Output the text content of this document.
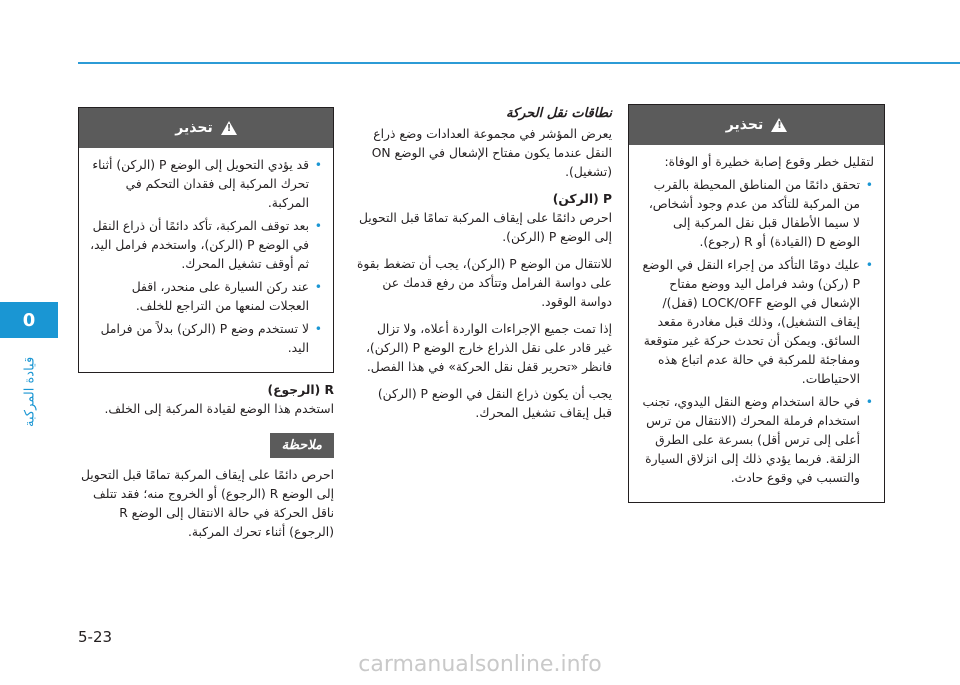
0
قيادة المركبة
!
تحذير
لتقليل خطر وقوع إصابة خطيرة أو الوفاة:
• تحقق دائمًا من المناطق المحيطة بالقرب من المركبة للتأكد من عدم وجود أشخاص، لا سيما الأطفال قبل نقل المركبة إلى الوضع D (القيادة) أو R (رجوع).
• عليك دومًا التأكد من إجراء النقل في الوضع P (ركن) وشد فرامل اليد ووضع مفتاح الإشعال في الوضع LOCK/OFF (قفل)/ إيقاف التشغيل)، وذلك قبل مغادرة مقعد السائق. ويمكن أن تحدث حركة غير متوقعة ومفاجئة للمركبة في حالة عدم اتباع هذه الاحتياطات.
• في حالة استخدام وضع النقل اليدوي، تجنب استخدام فرملة المحرك (الانتقال من ترس أعلى إلى ترس أقل) بسرعة على الطرق الزلقة. فربما يؤدي ذلك إلى انزلاق السيارة والتسبب في وقوع حادث.
نطاقات نقل الحركة

يعرض المؤشر في مجموعة العدادات وضع ذراع النقل عندما يكون مفتاح الإشعال في الوضع ON (تشغيل).

P (الركن)

احرص دائمًا على إيقاف المركبة تمامًا قبل التحويل إلى الوضع P (الركن).

للانتقال من الوضع P (الركن)، يجب أن تضغط بقوة على دواسة الفرامل وتتأكد من رفع قدمك عن دواسة الوقود.

إذا تمت جميع الإجراءات الواردة أعلاه، ولا تزال غير قادر على نقل الذراع خارج الوضع P (الركن)، فانظر «تحرير قفل نقل الحركة» في هذا الفصل.

يجب أن يكون ذراع النقل في الوضع P (الركن) قبل إيقاف تشغيل المحرك.

!
تحذير
• قد يؤدي التحويل إلى الوضع P (الركن) أثناء تحرك المركبة إلى فقدان التحكم في المركبة.
• بعد توقف المركبة، تأكد دائمًا أن ذراع النقل في الوضع P (الركن)، واستخدم فرامل اليد، ثم أوقف تشغيل المحرك.
• عند ركن السيارة على منحدر، اقفل العجلات لمنعها من التراجع للخلف.
• لا تستخدم وضع P (الركن) بدلاً من فرامل اليد.
R (الرجوع)

استخدم هذا الوضع لقيادة المركبة إلى الخلف.

ملاحظة

احرص دائمًا على إيقاف المركبة تمامًا قبل التحويل إلى الوضع R (الرجوع) أو الخروج منه؛ فقد تتلف ناقل الحركة في حالة الانتقال إلى الوضع R (الرجوع) أثناء تحرك المركبة.

5-23
carmanualsonline.info
